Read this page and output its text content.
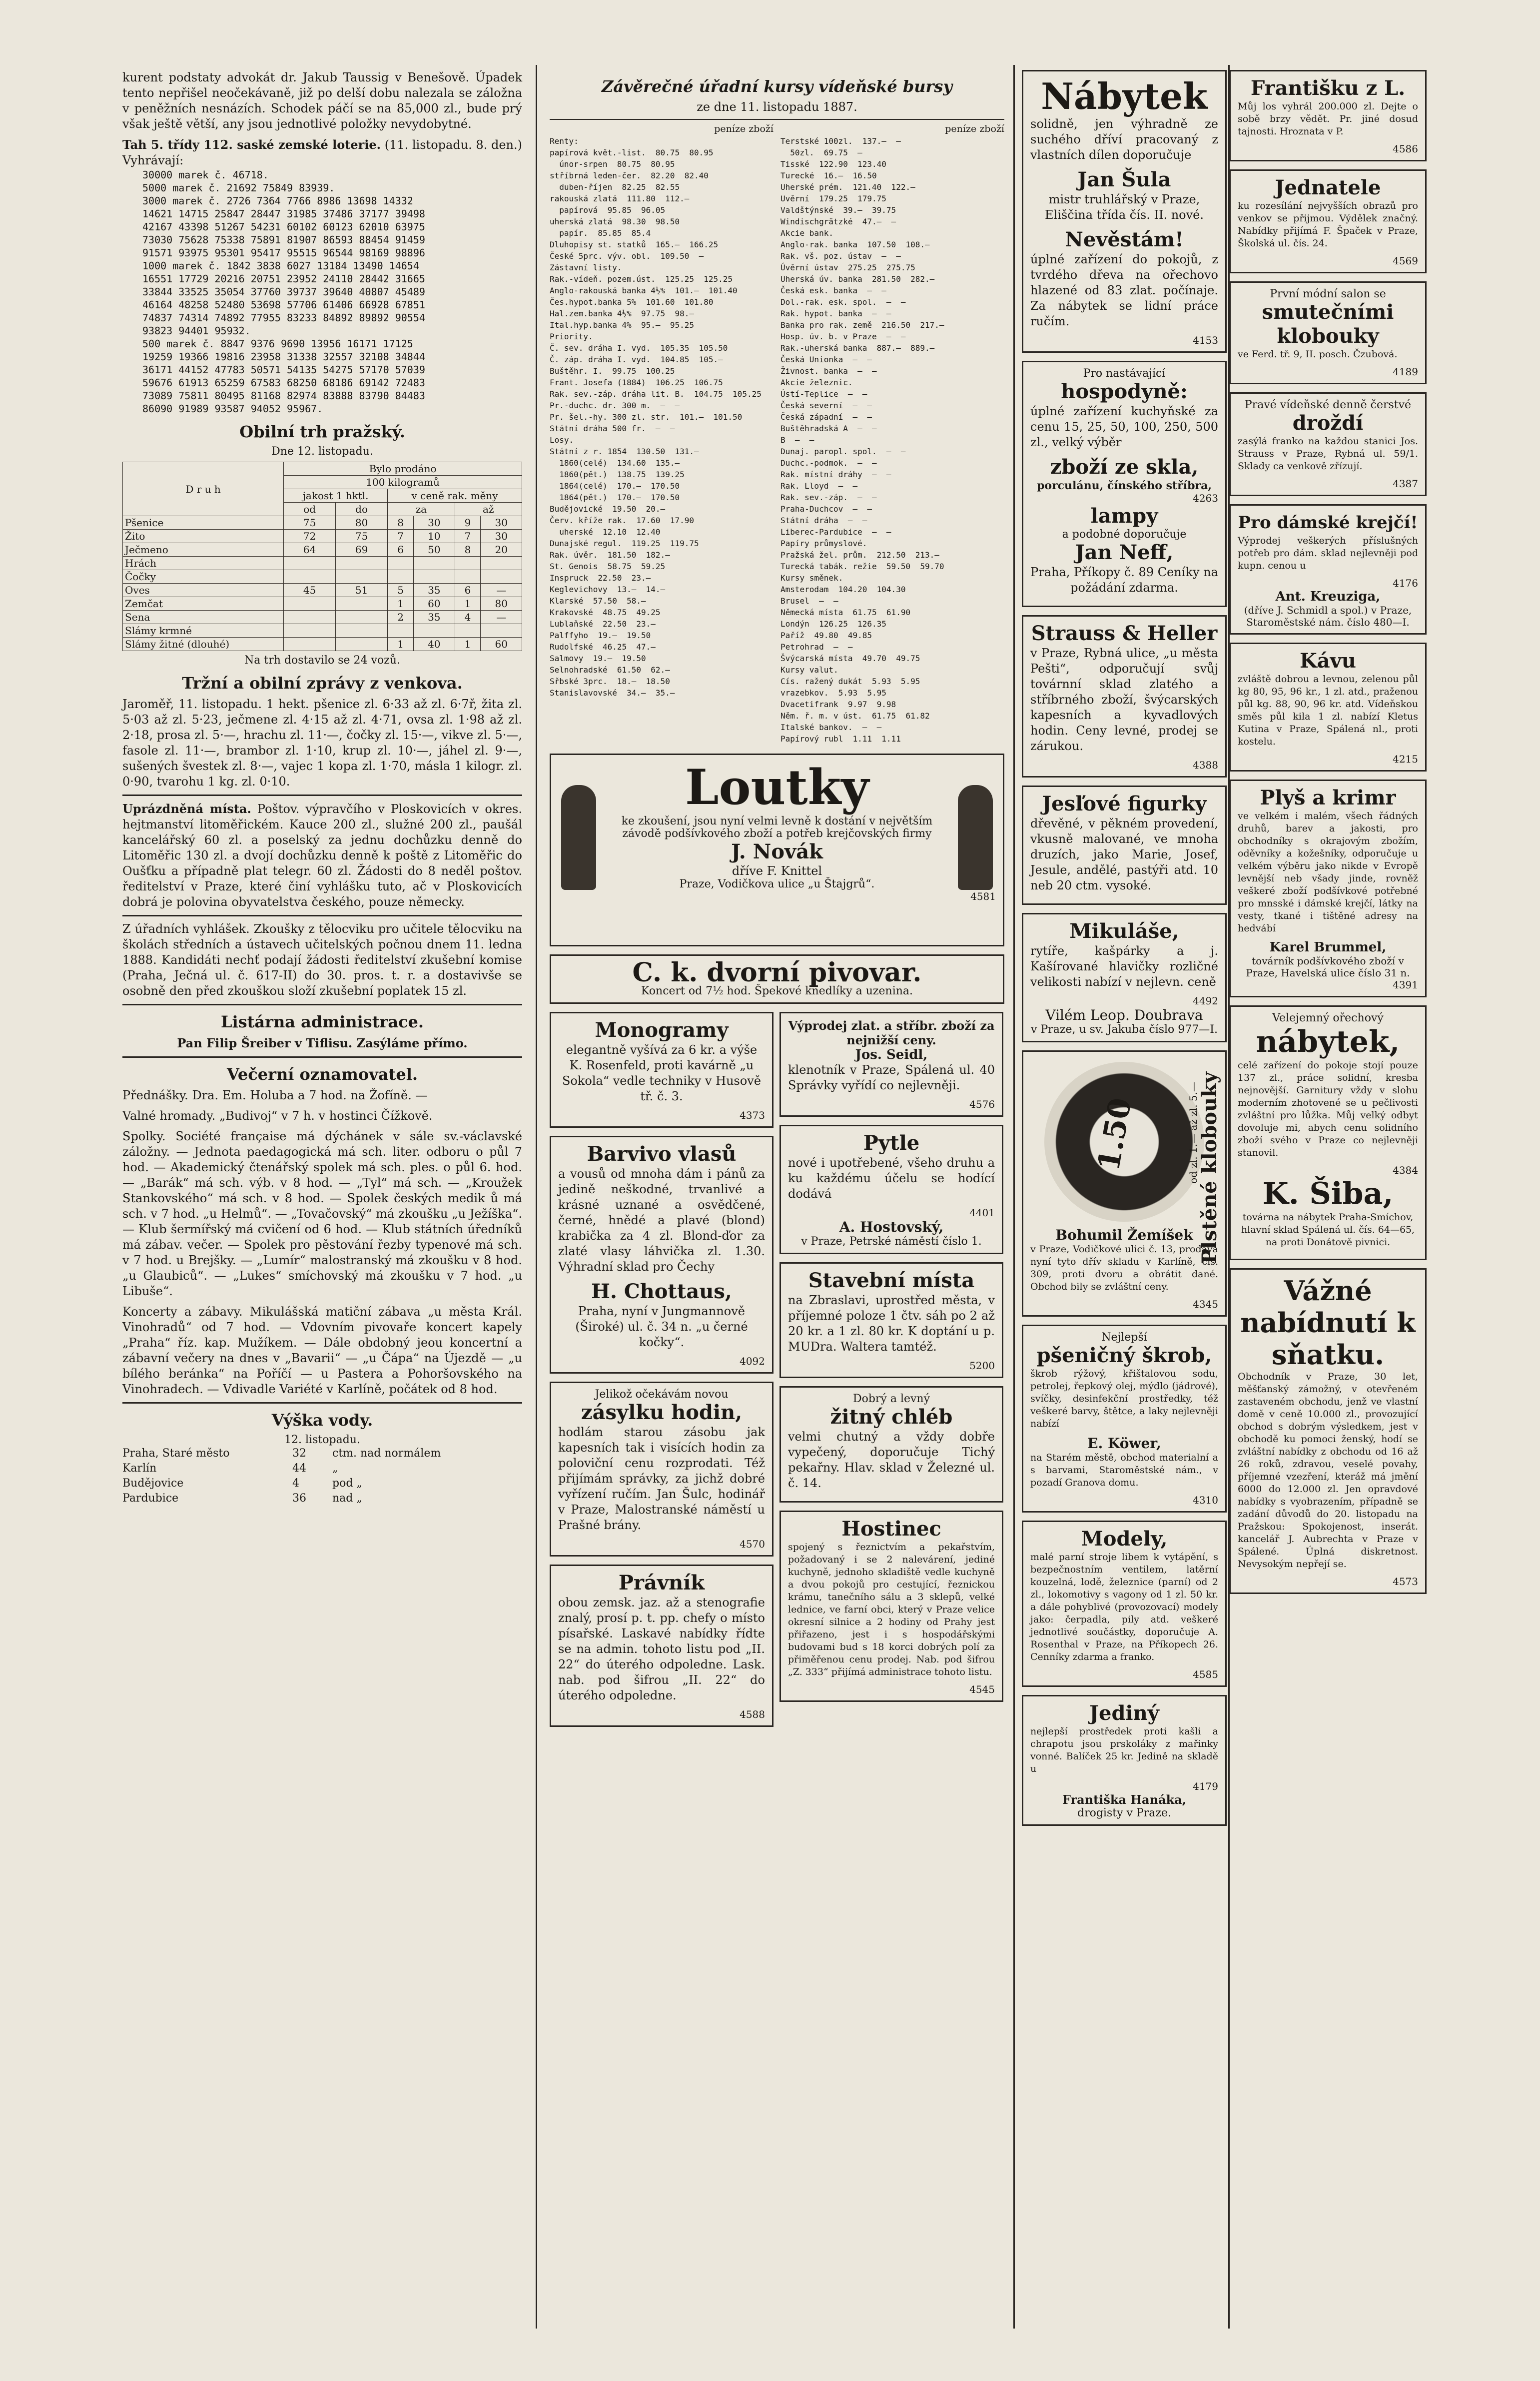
kurent podstaty advokát dr. Jakub Taussig v Benešově. Úpadek tento nepřišel neočekávaně, již po delší dobu nalezala se záložna v peněžních nesnázích. Schodek páčí se na 85,000 zl., bude prý však ještě větší, any jsou jednotlivé položky nevydobytné.

Tah 5. třídy 112. saské zemské loterie. (11. listopadu. 8. den.) Vyhrávají:

30000 marek č. 46718.
5000 marek č. 21692 75849 83939.
3000 marek č. 2726 7364 7766 8986 13698 14332
14621 14715 25847 28447 31985 37486 37177 39498
42167 43398 51267 54231 60102 60123 62010 63975
73030 75628 75338 75891 81907 86593 88454 91459
91571 93975 95301 95417 95515 96544 98169 98896
1000 marek č. 1842 3838 6027 13184 13490 14654
16551 17729 20216 20751 23952 24110 28442 31665
33844 33525 35054 37760 39737 39640 40807 45489
46164 48258 52480 53698 57706 61406 66928 67851
74837 74314 74892 77955 83233 84892 89892 90554
93823 94401 95932.
500 marek č. 8847 9376 9690 13956 16171 17125
19259 19366 19816 23958 31338 32557 32108 34844
36171 44152 47783 50571 54135 54275 57170 57039
59676 61913 65259 67583 68250 68186 69142 72483
73089 75811 80495 81168 82974 83888 83790 84483
86090 91989 93587 94052 95967.
Obilní trh pražský.
Dne 12. listopadu.
D r u h	Bylo prodáno					
	100 kilogramů					
	jakost 1 hktl.		v ceně rak. měny			
	od	do	za		až	
Pšenice	75	80	8	30	9	30
Žito	72	75	7	10	7	30
Ječmeno	64	69	6	50	8	20
Hrách						
Čočky						
Oves	45	51	5	35	6	—
Zemčat			1	60	1	80
Sena			2	35	4	—
Slámy krmné						
Slámy žitné (dlouhé)			1	40	1	60
Na trh dostavilo se 24 vozů.
Tržní a obilní zprávy z venkova.

Jaroměř, 11. listopadu. 1 hekt. pšenice zl. 6·33 až zl. 6·7ř, žita zl. 5·03 až zl. 5·23, ječmene zl. 4·15 až zl. 4·71, ovsa zl. 1·98 až zl. 2·18, prosa zl. 5·—, hrachu zl. 11·—, čočky zl. 15·—, vikve zl. 5·—, fasole zl. 11·—, brambor zl. 1·10, krup zl. 10·—, jáhel zl. 9·—, sušených švestek zl. 8·—, vajec 1 kopa zl. 1·70, másla 1 kilogr. zl. 0·90, tvarohu 1 kg. zl. 0·10.

Uprázdněná místa. Poštov. výpravčího v Ploskovicích v okres. hejtmanství litoměřickém. Kauce 200 zl., služné 200 zl., paušál kancelářský 60 zl. a poselský za jednu dochůzku denně do Litoměřic 130 zl. a dvojí dochůzku denně k poště z Litoměřic do Oušťku a případně plat telegr. 60 zl. Žádosti do 8 neděl poštov. ředitelství v Praze, které činí vyhlášku tuto, ač v Ploskovicích dobrá je polovina obyvatelstva českého, pouze německy.

Z úřadních vyhlášek. Zkoušky z tělocviku pro učitele tělocviku na školách středních a ústavech učitelských počnou dnem 11. ledna 1888. Kandidáti nechť podají žádosti ředitelství zkušební komise (Praha, Ječná ul. č. 617-II) do 30. pros. t. r. a dostavivše se osobně den před zkouškou složí zkušební poplatek 15 zl.

Listárna administrace.

Pan Filip Šreiber v Tiflisu. Zasýláme přímo.

Večerní oznamovatel.

Přednášky. Dra. Em. Holuba a 7 hod. na Žofíně. —

Valné hromady. „Budivoj“ v 7 h. v hostinci Čížkově.

Spolky. Société française má dýchánek v sále sv.-václavské záložny. — Jednota paedagogická má sch. liter. odboru o půl 7 hod. — Akademický čtenářský spolek má sch. ples. o půl 6. hod. — „Barák“ má sch. výb. v 8 hod. — „Tyl“ má sch. — „Kroužek Stankovského“ má sch. v 8 hod. — Spolek českých medik ů má sch. v 7 hod. „u Helmů“. — „Tovačovský“ má zkoušku „u Ježíška“. — Klub šermířský má cvičení od 6 hod. — Klub státních úředníků má zábav. večer. — Spolek pro pěstování řezby typenové má sch. v 7 hod. u Brejšky. — „Lumír“ malostranský má zkoušku v 8 hod. „u Glaubiců“. — „Lukes“ smíchovský má zkoušku v 7 hod. „u Libuše“.

Koncerty a zábavy. Mikulášská matiční zábava „u města Král. Vinohradů“ od 7 hod. — Vdovním pivovaře koncert kapely „Praha“ říz. kap. Mužíkem. — Dále obdobný jeou koncertní a zábavní večery na dnes v „Bavarii“ — „u Čápa“ na Újezdě — „u bílého beránka“ na Poříčí — u Pastera a Pohoršovského na Vinohradech. — Vdivadle Variété v Karlíně, počátek od 8 hod.

Výška vody.
12. listopadu.
Praha, Staré město	32	ctm. nad normálem
Karlín	44	„
Budějovice	4	pod „
Pardubice	36	nad „
Závěrečné úřadní kursy vídeňské bursy
ze dne 11. listopadu 1887.
peníze zboží
Renty:
papírová květ.-list.  80.75  80.95
únor-srpen  80.75  80.95
stříbrná leden-čer.  82.20  82.40
duben-říjen  82.25  82.55
rakouská zlatá  111.80  112.—
papírová  95.85  96.05
uherská zlatá  98.30  98.50
papír.  85.85  85.4
Dluhopisy st. statků  165.—  166.25
České 5prc. výv. obl.  109.50  —
Zástavní listy.
Rak.-vídeň. pozem.úst.  125.25  125.25
Anglo-rakouská banka 4½%  101.—  101.40
Čes.hypot.banka 5%  101.60  101.80
Hal.zem.banka 4½%  97.75  98.—
Ital.hyp.banka 4%  95.—  95.25
Priority.
Č. sev. dráha I. vyd.  105.35  105.50
Č. záp. dráha I. vyd.  104.85  105.—
Buštěhr. I.  99.75  100.25
Frant. Josefa (1884)  106.25  106.75
Rak. sev.-záp. dráha lit. B.  104.75  105.25
Pr.-duchc. dr. 300 m.  —  —
Pr. šel.-hy. 300 zl. str.  101.—  101.50
Státní dráha 500 fr.  —  —
Losy.
Státní z r. 1854  130.50  131.—
1860(celé)  134.60  135.—
1860(pět.)  138.75  139.25
1864(celé)  170.—  170.50
1864(pět.)  170.—  170.50
Budějovické  19.50  20.—
Červ. kříže rak.  17.60  17.90
uherské  12.10  12.40
Dunajské regul.  119.25  119.75
Rak. úvěr.  181.50  182.—
St. Genois  58.75  59.25
Inspruck  22.50  23.—
Keglevichovy  13.—  14.—
Klarské  57.50  58.—
Krakovské  48.75  49.25
Lublaňské  22.50  23.—
Palffyho  19.—  19.50
Rudolfské  46.25  47.—
Salmovy  19.—  19.50
Selnohradské  61.50  62.—
Sřbské 3prc.  18.—  18.50
Stanislavovské  34.—  35.—
peníze zboží
Terstské 100zl.  137.—  —
50zl.  69.75  —
Tisské  122.90  123.40
Turecké  16.—  16.50
Uherské prém.  121.40  122.—
Uvěrní  179.25  179.75
Valdštýnské  39.—  39.75
Windischgrätzké  47.—  —
Akcie bank.
Anglo-rak. banka  107.50  108.—
Rak. vš. poz. ústav  —  —
Úvěrní ústav  275.25  275.75
Uherská úv. banka  281.50  282.—
Česká esk. banka  —  —
Dol.-rak. esk. spol.  —  —
Rak. hypot. banka  —  —
Banka pro rak. země  216.50  217.—
Hosp. úv. b. v Praze  —  —
Rak.-uherská banka  887.—  889.—
Česká Unionka  —  —
Živnost. banka  —  —
Akcie železnic.
Ústí-Teplice  —  —
Česká severní  —  —
Česká západní  —  —
Buštěhradská A  —  —
B  —  —
Dunaj. paropl. spol.  —  —
Duchc.-podmok.  —  —
Rak. místní dráhy  —  —
Rak. Lloyd  —  —
Rak. sev.-záp.  —  —
Praha-Duchcov  —  —
Státní dráha  —  —
Liberec-Pardubice  —  —
Papíry průmyslové.
Pražská žel. prům.  212.50  213.—
Turecká tabák. režie  59.50  59.70
Kursy směnek.
Amsterodam  104.20  104.30
Brusel  —  —
Německá místa  61.75  61.90
Londýn  126.25  126.35
Paříž  49.80  49.85
Petrohrad  —  —
Švýcarská místa  49.70  49.75
Kursy valut.
Cís. ražený dukát  5.93  5.95
vrazebkov.  5.93  5.95
Dvacetifrank  9.97  9.98
Něm. ř. m. v úst.  61.75  61.82
Italské bankov.  —  —
Papírový rubl  1.11  1.11
Loutky
ke zkoušení, jsou nyní velmi levně k dostání v největším závodě podšívkového zboží a potřeb krejčovských firmy
J. Novák
dříve F. Knittel
Praze, Vodičkova ulice „u Štajgrů“.
4581
C. k. dvorní pivovar.
Koncert od 7½ hod. Špekové knedlíky a uzenina.
Monogramy

elegantně vyšívá za 6 kr. a výše K. Rosenfeld, proti kavárně „u Sokola“ vedle techniky v Husově tř. č. 3.

4373
Barvivo vlasů

a vousů od mnoha dám i pánů za jedině neškodné, trvanlivé a krásné uznané a osvědčené, černé, hnědé a plavé (blond) krabička za 4 zl. Blond-ďor za zlaté vlasy láhvička zl. 1.30. Výhradní sklad pro Čechy

H. Chottaus,

Praha, nyní v Jungmannově (Široké) ul. č. 34 n. „u černé kočky“.

4092
Jelikož očekávám novou
zásylku hodin,

hodlám starou zásobu jak kapesních tak i visících hodin za poloviční cenu rozprodati. Též přijímám správky, za jichž dobré vyřízení ručím. Jan Šulc, hodinář v Praze, Malostranské náměstí u Prašné brány.

4570
Právník

obou zemsk. jaz. až a stenografie znalý, prosí p. t. pp. chefy o místo písařské. Laskavé nabídky řídte se na admin. tohoto listu pod „II. 22“ do úterého odpoledne. Lask. nab. pod šifrou „II. 22“ do úterého odpoledne.

4588
Výprodej zlat. a stříbr. zboží za nejnižší ceny.
Jos. Seidl,

klenotník v Praze, Spálená ul. 40 Správky vyřídí co nejlevněji.

4576
Pytle

nové i upotřebené, všeho druhu a ku každému účelu se hodící dodává

4401
A. Hostovský,
v Praze, Petrské náměstí číslo 1.
Stavební místa

na Zbraslavi, uprostřed města, v příjemné poloze 1 čtv. sáh po 2 až 20 kr. a 1 zl. 80 kr. K doptání u p. MUDra. Waltera tamtéž.

5200
Dobrý a levný
žitný chléb

velmi chutný a vždy dobře vypečený, doporučuje Tichý pekařny. Hlav. sklad v Železné ul. č. 14.

Hostinec

spojený s řeznictvím a pekařstvím, požadovaný i se 2 nalevárení, jediné kuchyně, jednoho skladiště vedle kuchyně a dvou pokojů pro cestující, řeznickou krámu, tanečního sálu a 3 sklepů, velké lednice, ve farní obci, který v Praze velice okresní silnice a 2 hodiny od Prahy jest přiřazeno, jest i s hospodářskými budovami bud s 18 korci dobrých polí za přiměřenou cenu prodej. Nab. pod šifrou „Z. 333“ přijímá administrace tohoto listu.

4545
Nábytek

solidně, jen výhradně ze suchého dříví pracovaný z vlastních dílen doporučuje

Jan Šula

mistr truhlářský v Praze, Eliščina třída čís. II. nové.

Nevěstám!

úplné zařízení do pokojů, z tvrdého dřeva na ořechovo hlazené od 83 zlat. počínaje. Za nábytek se lidní práce ručím.

4153
Pro nastávající
hospodyně:

úplné zařízení kuchyňské za cenu 15, 25, 50, 100, 250, 500 zl., velký výběr

zboží ze skla,
porculánu, čínského stříbra,
4263
lampy
a podobné doporučuje
Jan Neff,

Praha, Příkopy č. 89 Ceníky na požádání zdarma.

Strauss & Heller

v Praze, Rybná ulice, „u města Pešti“, odporučují svůj továrnní sklad zlatého a stříbrného zboží, švýcarských kapesních a kyvadlových hodin. Ceny levné, prodej se zárukou.

4388
Jesľové figurky

dřevěné, v pěkném provedení, vkusně malované, ve mnoha druzích, jako Marie, Josef, Jesule, andělé, pastýři atd. 10 neb 20 ctm. vysoké.

Mikuláše,

rytíře, kašpárky a j. Kašírované hlavičky rozličné velikosti nabízí v nejlevn. ceně

4492
Vilém Leop. Doubrava
v Praze, u sv. Jakuba číslo 977—I.
1.50	Plstěné klobouky
od zl. 1.— až zl. 5.—
Bohumil Žemíšek

v Praze, Vodičkové ulici č. 13, prodává nyní tyto dřív skladu v Karlíně, čís. 309, proti dvoru a obrátit dané. Obchod bily se zvláštní ceny.

4345
Nejlepší
pšeničný škrob,

škrob rýžový, křištalovou sodu, petrolej, řepkový olej, mýdlo (jádrové), svíčky, desinfekční prostředky, též veškeré barvy, štětce, a laky nejlevněji nabízí

E. Köwer,

na Starém městě, obchod materialní a s barvami, Staroměstské nám., v pozadí Granova domu.

4310
Modely,

malé parní stroje libem k vytápění, s bezpečnostním ventilem, latěrní kouzelná, lodě, železnice (parní) od 2 zl., lokomotivy s vagony od 1 zl. 50 kr. a dále pohyblivé (provozovací) modely jako: čerpadla, pily atd. veškeré jednotlivé součástky, doporučuje A. Rosenthal v Praze, na Příkopech 26. Cenníky zdarma a franko.

4585
Jediný

nejlepší prostředek proti kašli a chrapotu jsou prskoláky z mařinky vonné. Balíček 25 kr. Jedině na skladě u

4179
Františka Hanáka,
drogisty v Praze.
Františku z L.

Můj los vyhrál 200.000 zl. Dejte o sobě brzy vědět. Pr. jiné dosud tajnosti. Hroznata v P.

4586
Jednatele

ku rozesílání nejvyšších obrazů pro venkov se přijmou. Výdělek značný. Nabídky přijímá F. Špaček v Praze, Školská ul. čís. 24.

4569
První módní salon se
smutečními klobouky

ve Ferd. tř. 9, II. posch. Čzubová.

4189
Pravé vídeňské denně čerstvé
droždí

zasýlá franko na každou stanici Jos. Strauss v Praze, Rybná ul. 59/1. Sklady ca venkově zřízují.

4387
Pro dámské krejčí!

Výprodej veškerých příslušných potřeb pro dám. sklad nejlevněji pod kupn. cenou u

4176
Ant. Kreuziga,
(dříve J. Schmidl a spol.) v Praze, Staroměstské nám. číslo 480—I.
Kávu

zvláště dobrou a levnou, zelenou půl kg 80, 95, 96 kr., 1 zl. atd., praženou půl kg. 88, 90, 96 kr. atd. Vídeňskou směs půl kila 1 zl. nabízí Kletus Kutina v Praze, Spálená nl., proti kostelu.

4215
Plyš a krimr

ve velkém i malém, všech řádných druhů, barev a jakosti, pro obchodníky s okrajovým zbožím, oděvníky a kožešníky, odporučuje u velkém výběru jako nikde v Evropě levnější neb všady jinde, rovněž veškeré zboží podšívkové potřebné pro mnsské i dámské krejčí, látky na vesty, tkané i tištěné adresy na hedvábí

Karel Brummel,
továrník podšívkového zboží v Praze, Havelská ulice číslo 31 n.
4391
Velejemný ořechový
nábytek,

celé zařízení do pokoje stojí pouze 137 zl., práce solidní, kresba nejnovější. Garnitury vždy v slohu moderním zhotovené se u pečlivosti zvláštní pro lůžka. Můj velký odbyt dovoluje mi, abych cenu solidního zboží svého v Praze co nejlevněji stanovil.

4384
K. Šiba,

továrna na nábytek Praha-Smíchov, hlavní sklad Spálená ul. čís. 64—65, na proti Donátově pivnici.

Vážné nabídnutí k sňatku.

Obchodník v Praze, 30 let, měšťanský zámožný, v otevřeném zastaveném obchodu, jenž ve vlastní domě v ceně 10.000 zl., provozující obchod s dobrým výsledkem, jest v obchodě ku pomoci ženský, hodí se zvláštní nabídky z obchodu od 16 až 26 roků, zdravou, veselé povahy, příjemné vzezření, kteráž má jmění 6000 do 12.000 zl. Jen opravdové nabídky s vyobrazením, případně se zadání důvodů do 20. listopadu na Pražskou: Spokojenost, inserát. kancelář J. Aubrechta v Praze v Spálené. Úplná diskretnost. Nevysokým nepřejí se.

4573
